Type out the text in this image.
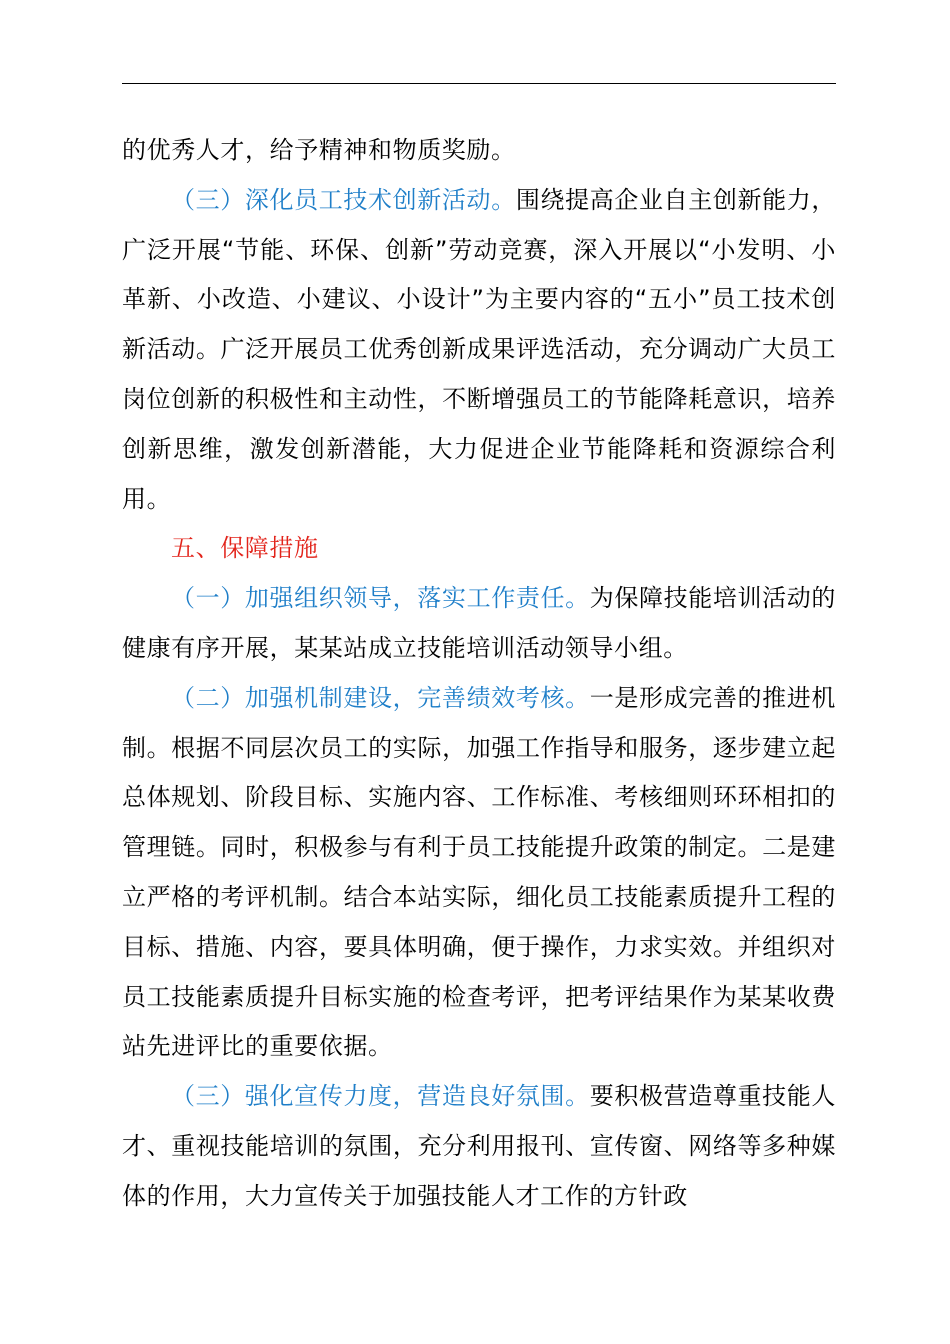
的优秀人才，给予精神和物质奖励。

（三）深化员工技术创新活动。围绕提高企业自主创新能力，广泛开展“节能、环保、创新”劳动竞赛，深入开展以“小发明、小革新、小改造、小建议、小设计”为主要内容的“五小”员工技术创新活动。广泛开展员工优秀创新成果评选活动，充分调动广大员工岗位创新的积极性和主动性，不断增强员工的节能降耗意识，培养创新思维，激发创新潜能，大力促进企业节能降耗和资源综合利用。

五、保障措施

（一）加强组织领导，落实工作责任。为保障技能培训活动的健康有序开展，某某站成立技能培训活动领导小组。

（二）加强机制建设，完善绩效考核。一是形成完善的推进机制。根据不同层次员工的实际，加强工作指导和服务，逐步建立起总体规划、阶段目标、实施内容、工作标准、考核细则环环相扣的管理链。同时，积极参与有利于员工技能提升政策的制定。二是建立严格的考评机制。结合本站实际，细化员工技能素质提升工程的目标、措施、内容，要具体明确，便于操作，力求实效。并组织对员工技能素质提升目标实施的检查考评，把考评结果作为某某收费站先进评比的重要依据。

（三）强化宣传力度，营造良好氛围。要积极营造尊重技能人才、重视技能培训的氛围，充分利用报刊、宣传窗、网络等多种媒体的作用，大力宣传关于加强技能人才工作的方针政
